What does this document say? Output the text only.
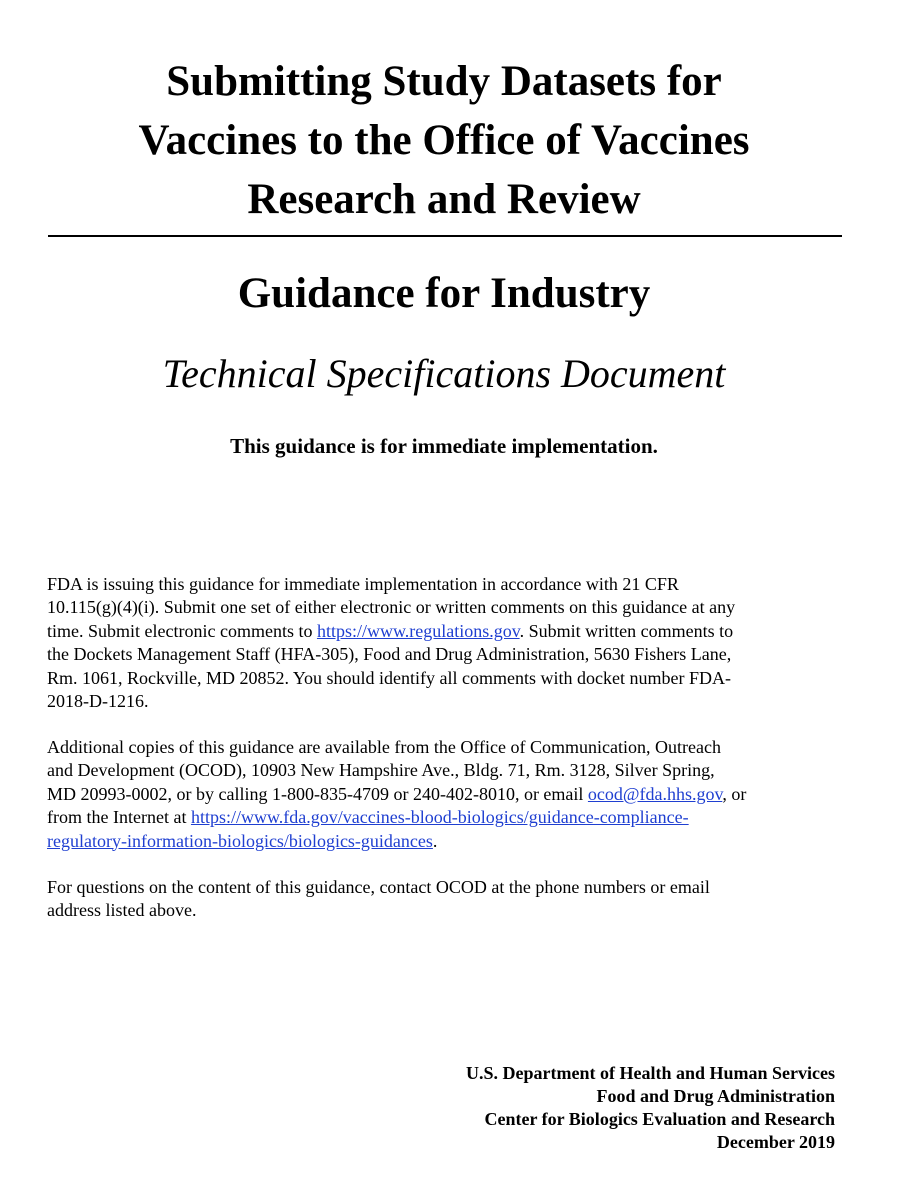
Submitting Study Datasets for
Vaccines to the Office of Vaccines
Research and Review
Guidance for Industry
Technical Specifications Document
This guidance is for immediate implementation.

FDA is issuing this guidance for immediate implementation in accordance with 21 CFR
10.115(g)(4)(i). Submit one set of either electronic or written comments on this guidance at any
time. Submit electronic comments to https://www.regulations.gov. Submit written comments to
the Dockets Management Staff (HFA-305), Food and Drug Administration, 5630 Fishers Lane,
Rm. 1061, Rockville, MD 20852. You should identify all comments with docket number FDA-
2018-D-1216.

Additional copies of this guidance are available from the Office of Communication, Outreach
and Development (OCOD), 10903 New Hampshire Ave., Bldg. 71, Rm. 3128, Silver Spring,
MD 20993-0002, or by calling 1-800-835-4709 or 240-402-8010, or email ocod@fda.hhs.gov, or
from the Internet at https://www.fda.gov/vaccines-blood-biologics/guidance-compliance-
regulatory-information-biologics/biologics-guidances.

For questions on the content of this guidance, contact OCOD at the phone numbers or email
address listed above.

U.S. Department of Health and Human Services
Food and Drug Administration
Center for Biologics Evaluation and Research
December 2019
